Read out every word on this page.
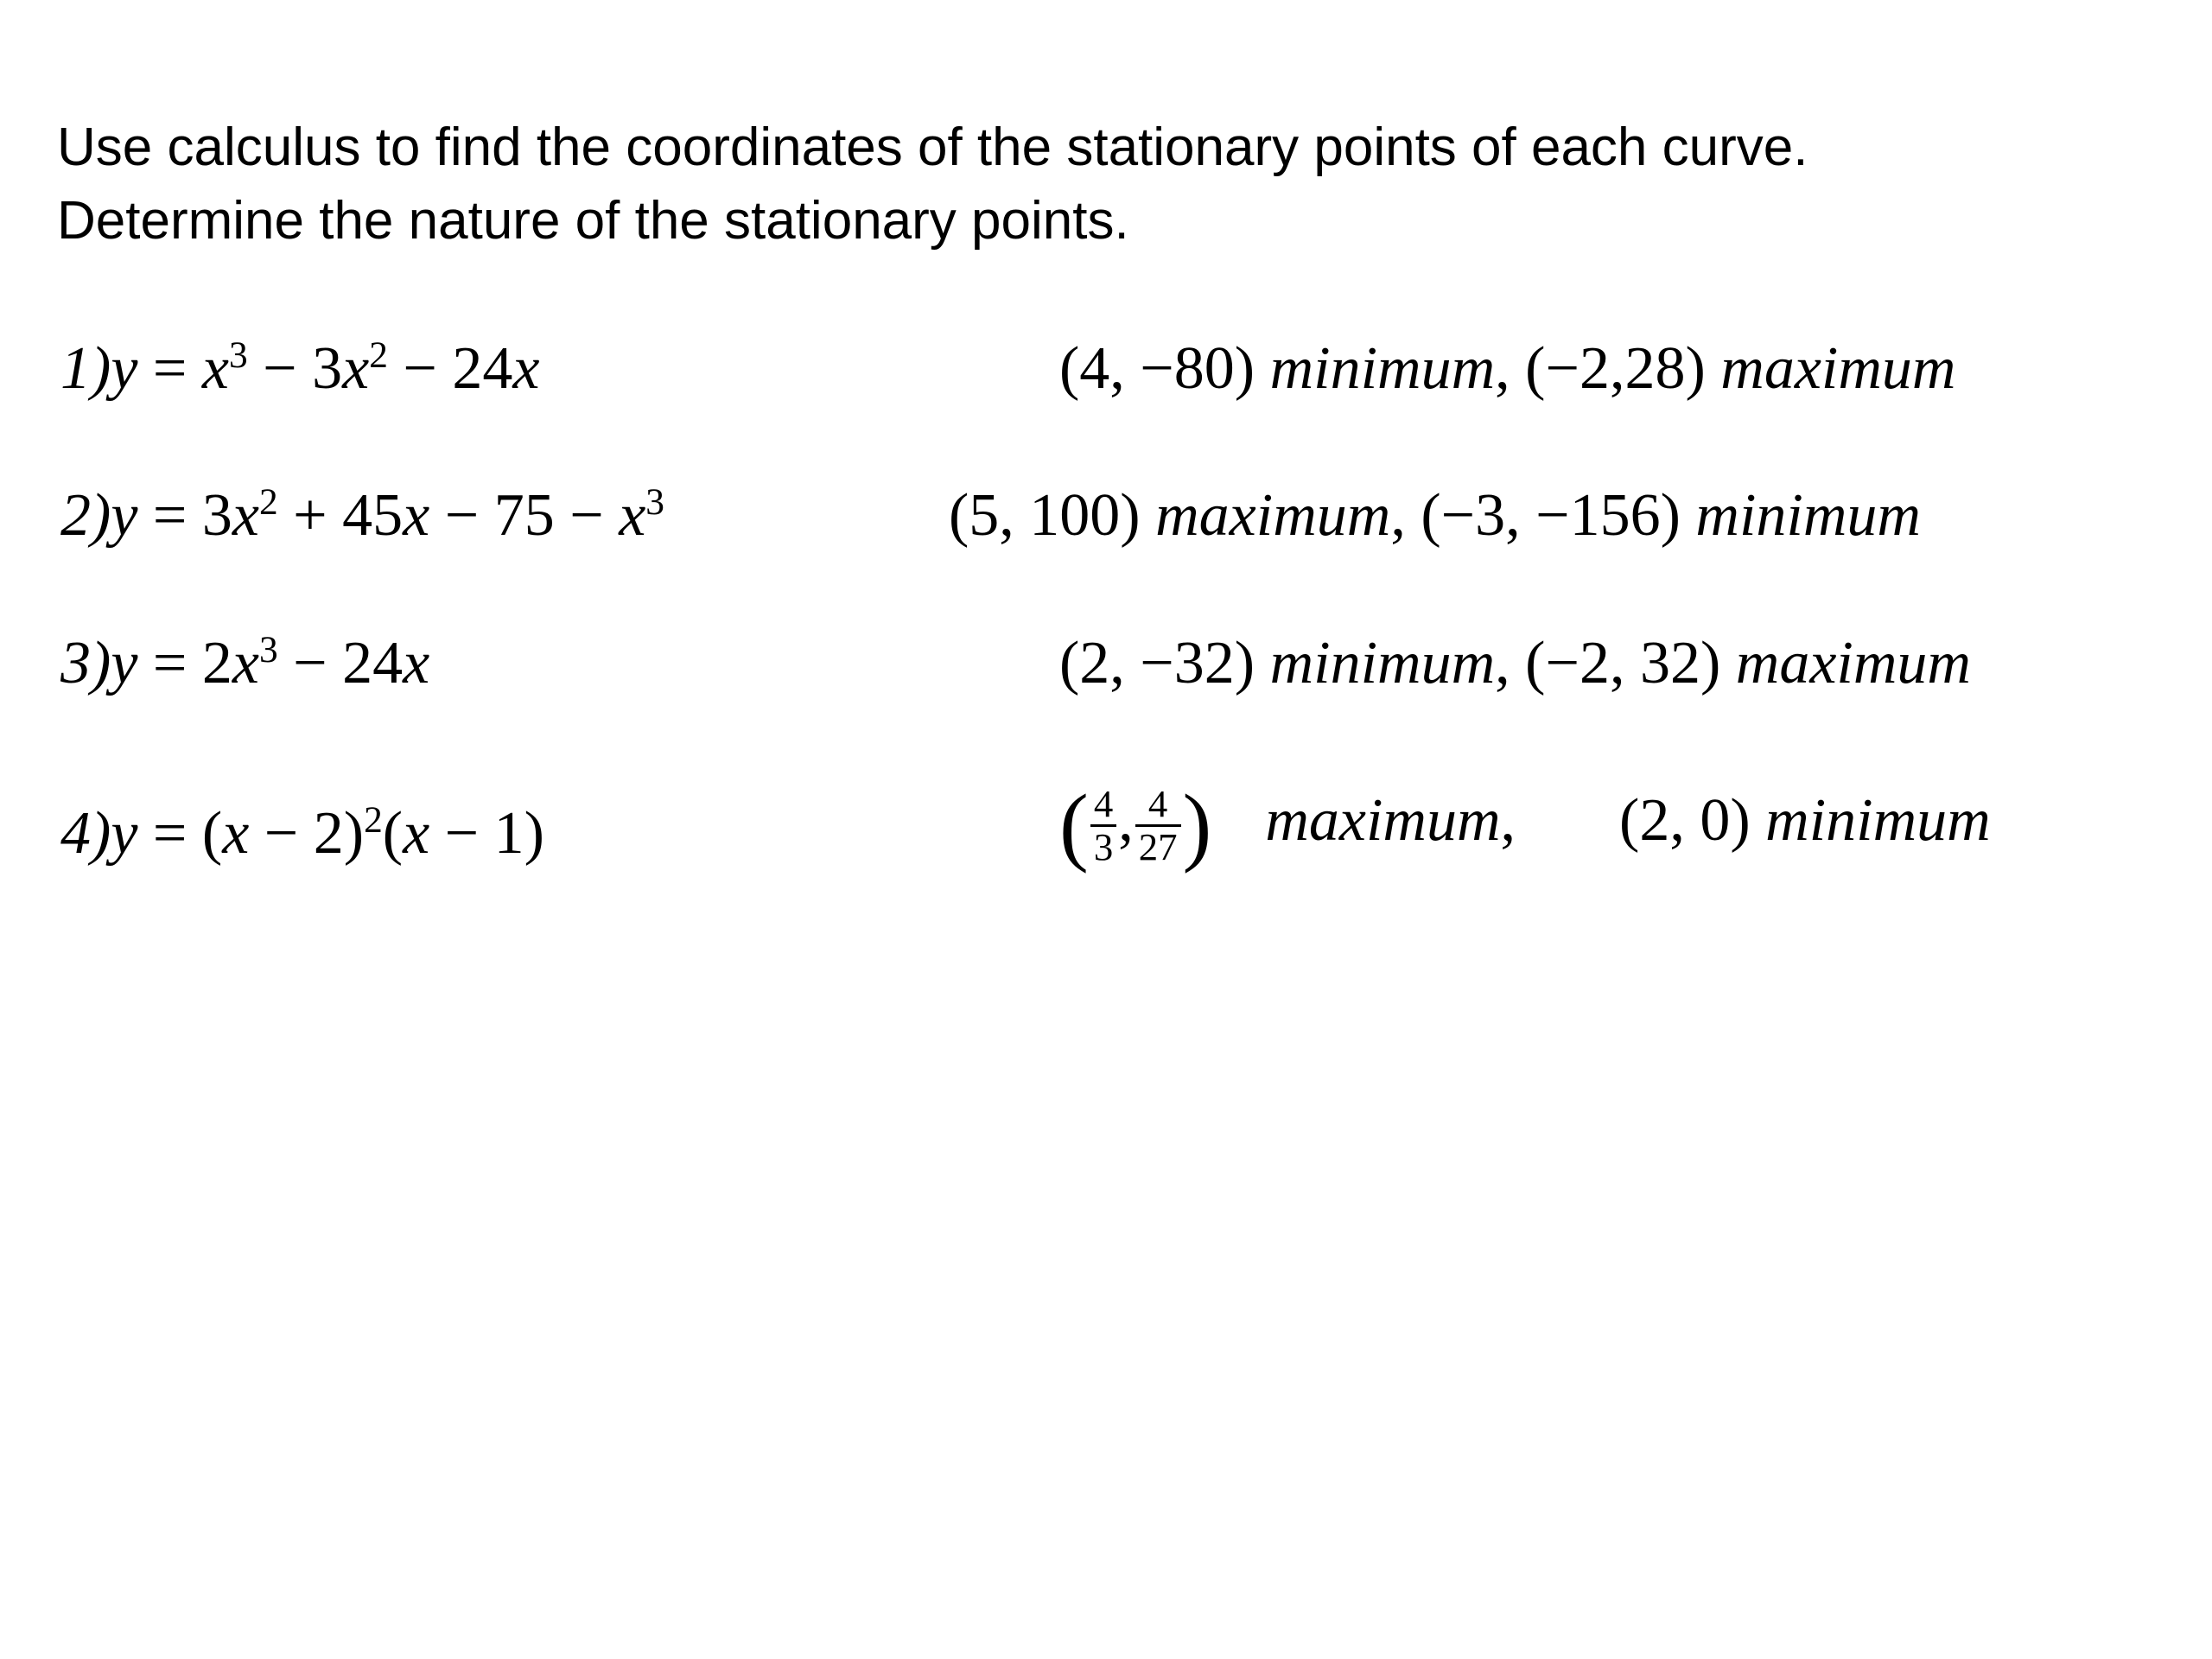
Use calculus to find the coordinates of the stationary points of each curve.
Determine the nature of the stationary points.
$1)y = x^3 - 3x^2 - 24x$	(4, −80) minimum, (−2,28) maximum
$2)y = 3x^2 + 45x - 75 - x^3$	(5, 100) maximum, (−3, −156) minimum
$3)y = 2x^3 - 24x$	(2, −32) minimum, (−2, 32) maximum
$4)y = (x - 2)^2(x - 1)$	( $\frac{4}{3}$ , $\frac{4}{27}$ ) maximum, (2, 0) minimum
